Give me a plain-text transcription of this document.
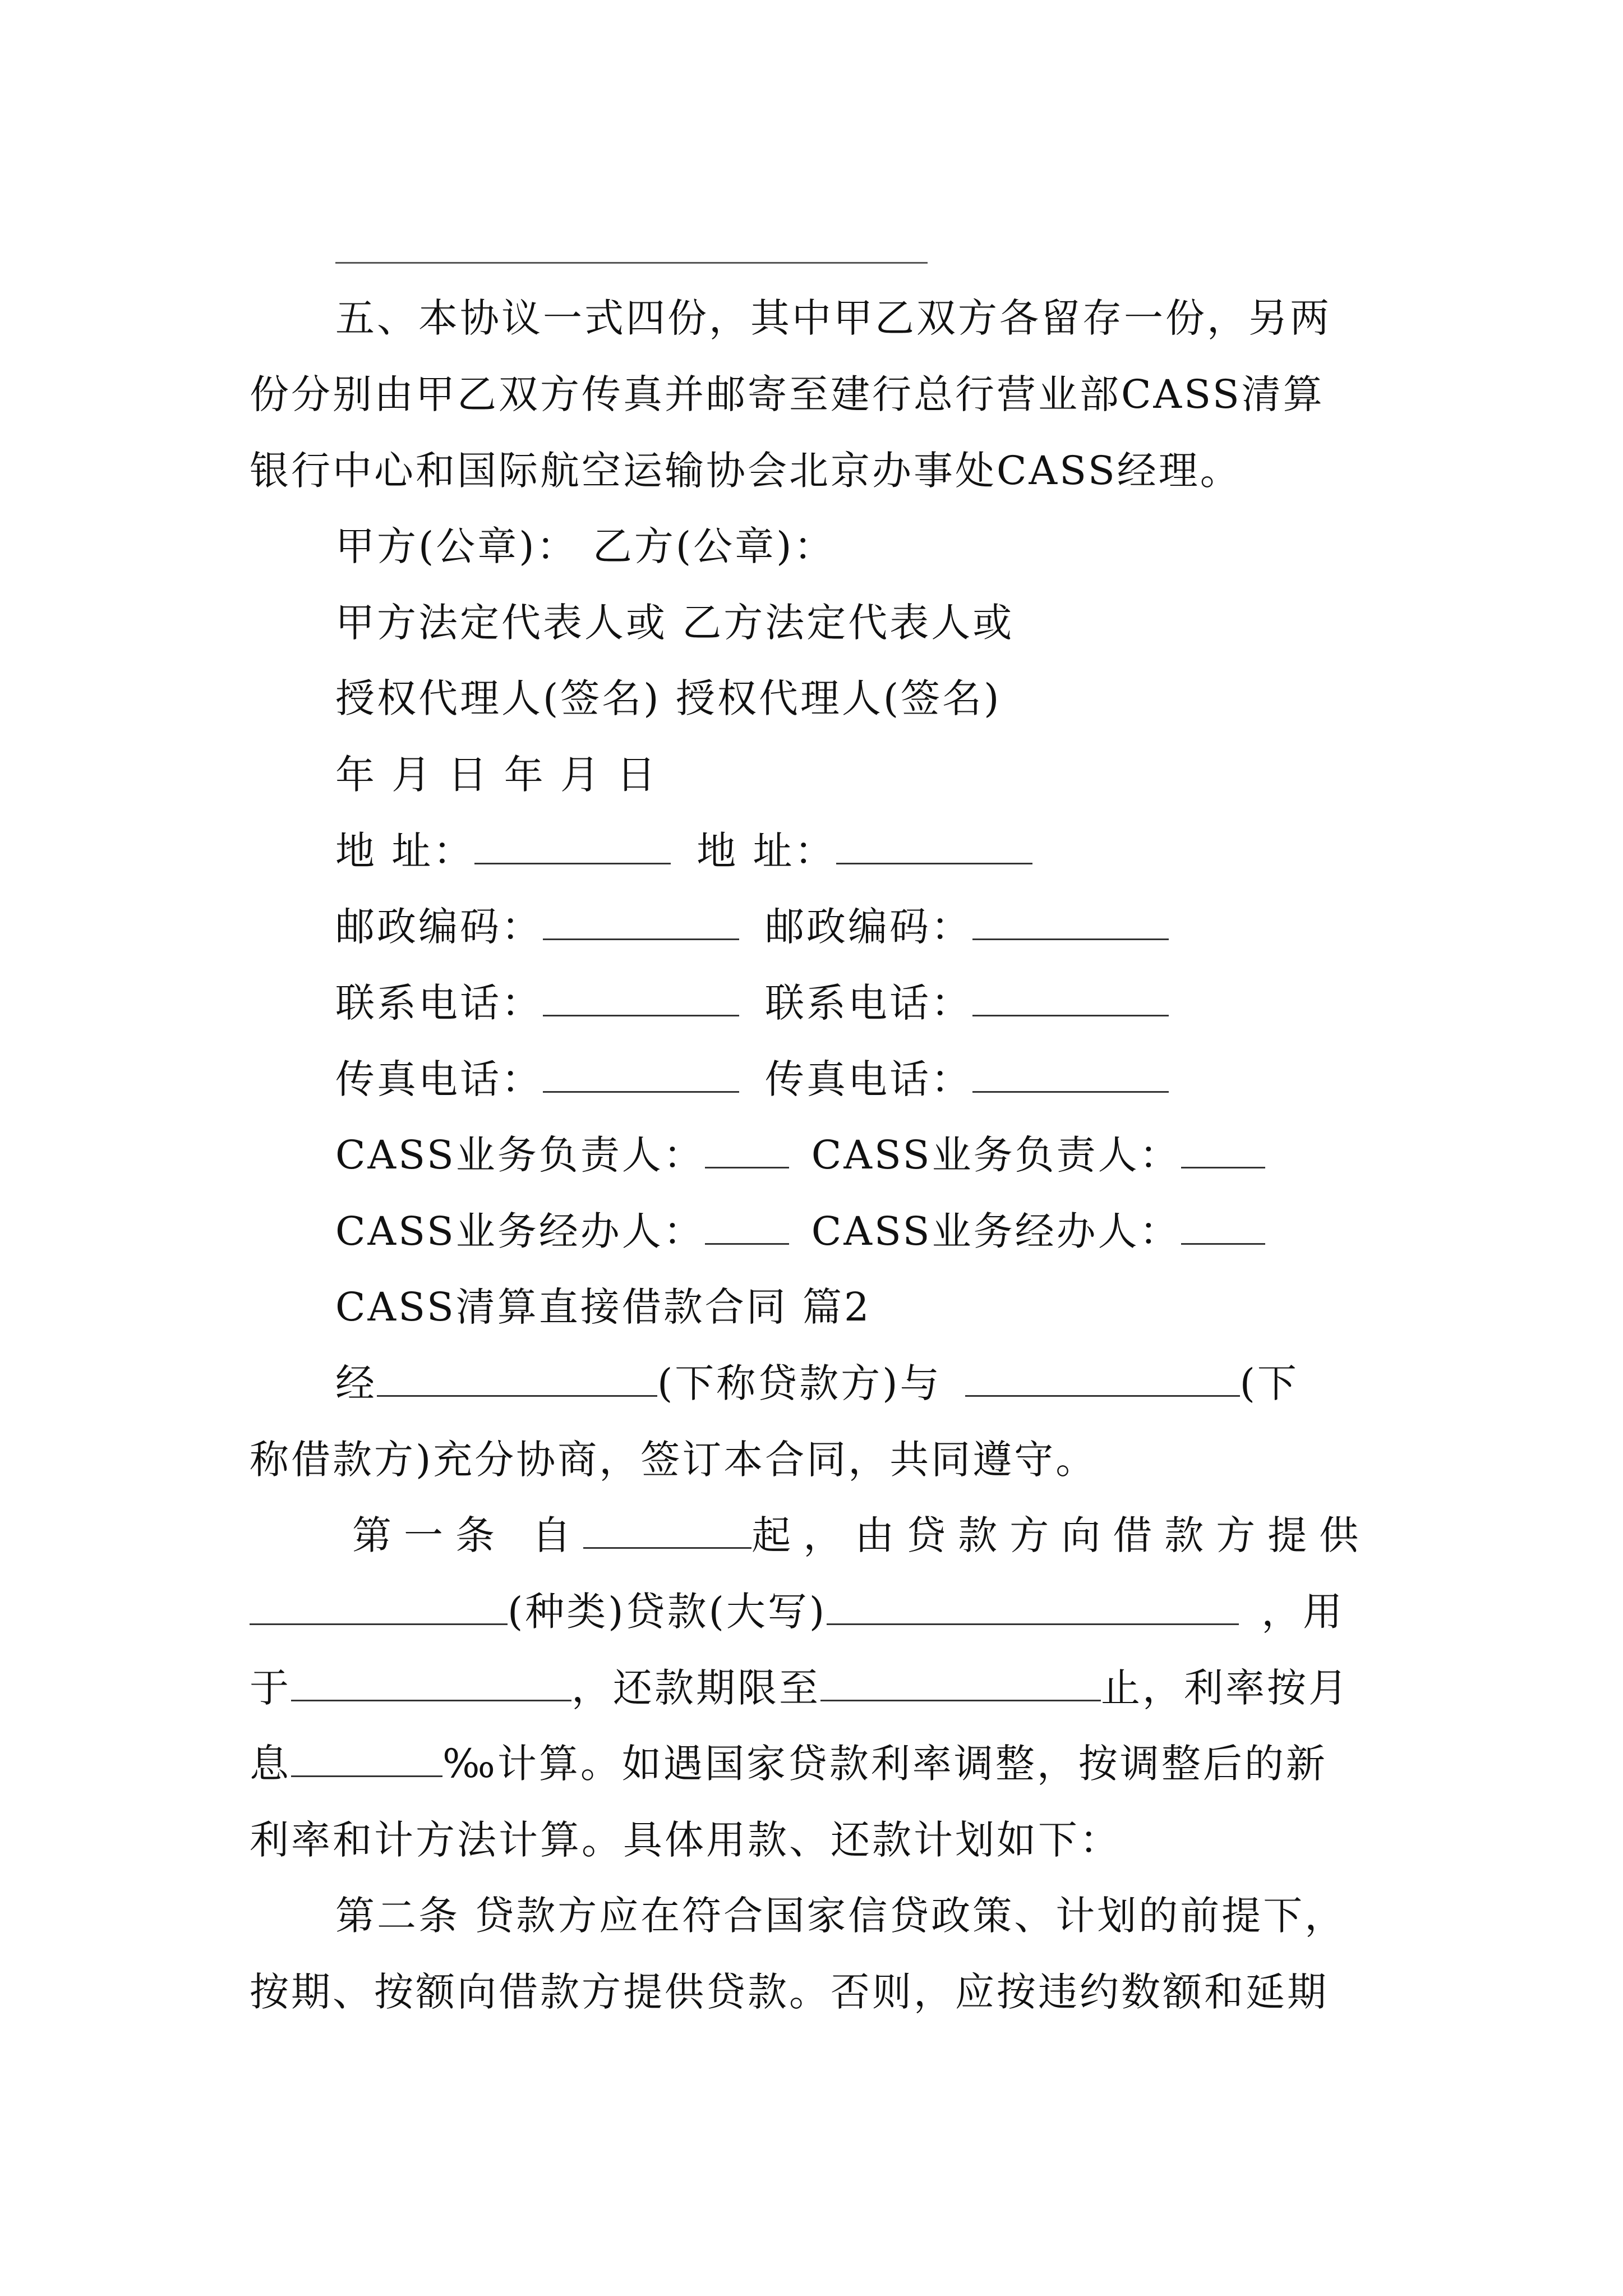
五、本协议一式四份，其中甲乙双方各留存一份，另两
份分别由甲乙双方传真并邮寄至建行总行营业部CASS清算
银行中心和国际航空运输协会北京办事处CASS经理。
甲方(公章)： 乙方(公章)：
甲方法定代表人或 乙方法定代表人或
授权代理人(签名) 授权代理人(签名)
年 月 日 年 月 日
地 址：	地 址：
邮政编码：	邮政编码：
联系电话：	联系电话：
传真电话：	传真电话：
CASS业务负责人：	CASS业务负责人：
CASS业务经办人：	CASS业务经办人：
CASS清算直接借款合同 篇2
经	(下称贷款方)与	(下
称借款方)充分协商，签订本合同，共同遵守。
第一条 自	起，由贷款方向借款方提供
(种类)贷款(大写)	，用
于	，还款期限至	止，利率按月
息	‰计算。如遇国家贷款利率调整，按调整后的新
利率和计方法计算。具体用款、还款计划如下：
第二条 贷款方应在符合国家信贷政策、计划的前提下，
按期、按额向借款方提供贷款。否则，应按违约数额和延期
